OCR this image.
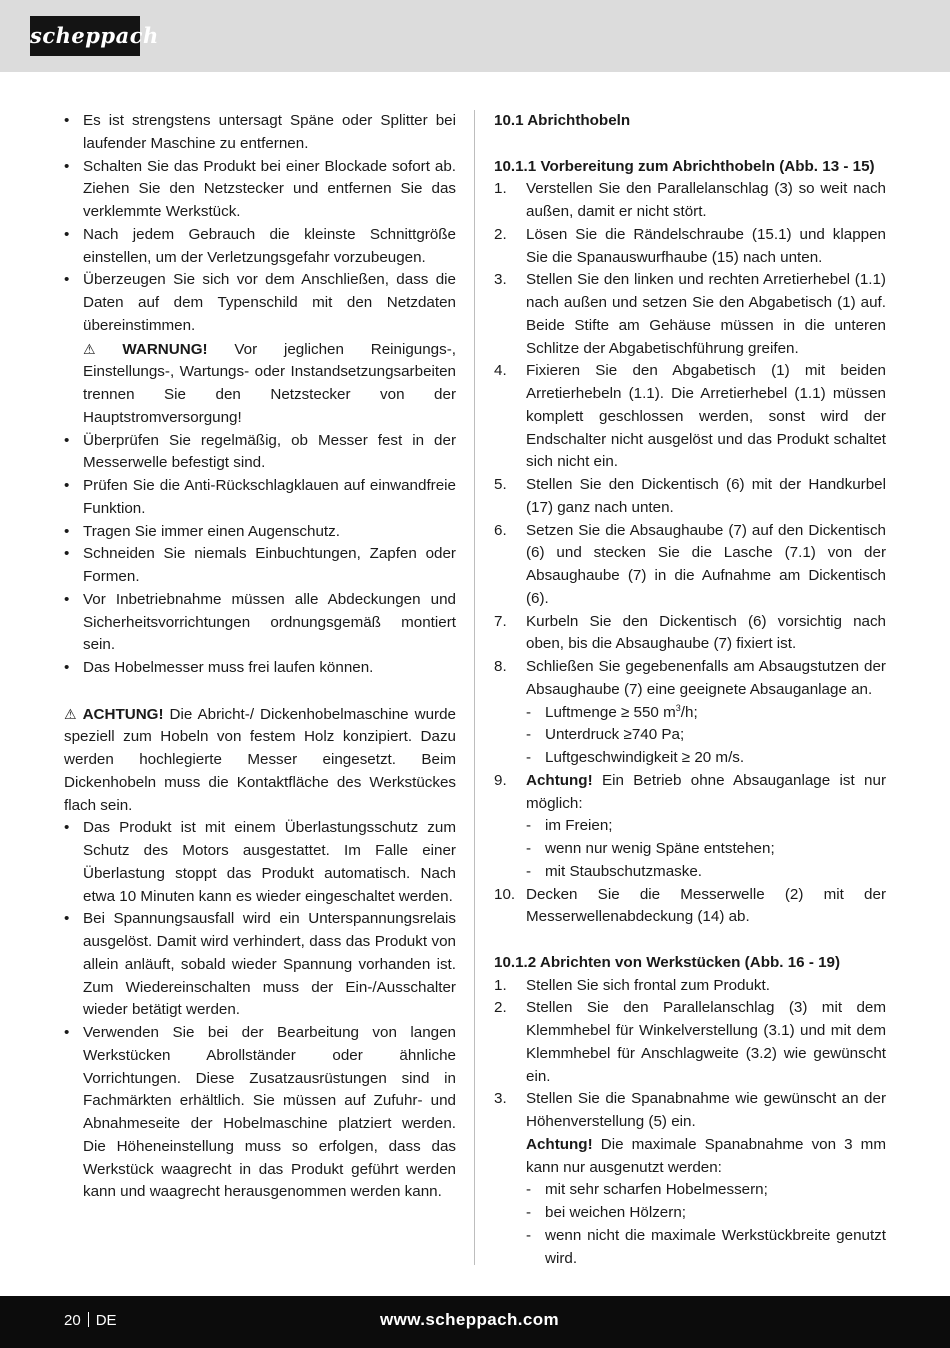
scheppach
• Es ist strengstens untersagt Späne oder Splitter bei laufender Maschine zu entfernen.
• Schalten Sie das Produkt bei einer Blockade sofort ab. Ziehen Sie den Netzstecker und entfernen Sie das verklemmte Werkstück.
• Nach jedem Gebrauch die kleinste Schnittgröße einstellen, um der Verletzungsgefahr vorzubeugen.
• Überzeugen Sie sich vor dem Anschließen, dass die Daten auf dem Typenschild mit den Netzdaten übereinstimmen.
⚠ WARNUNG! Vor jeglichen Reinigungs-, Einstellungs-, Wartungs- oder Instandsetzungsarbeiten trennen Sie den Netzstecker von der Hauptstromversorgung!
• Überprüfen Sie regelmäßig, ob Messer fest in der Messerwelle befestigt sind.
• Prüfen Sie die Anti-Rückschlagklauen auf einwandfreie Funktion.
• Tragen Sie immer einen Augenschutz.
• Schneiden Sie niemals Einbuchtungen, Zapfen oder Formen.
• Vor Inbetriebnahme müssen alle Abdeckungen und Sicherheitsvorrichtungen ordnungsgemäß montiert sein.
• Das Hobelmesser muss frei laufen können.
⚠ ACHTUNG! Die Abricht-/ Dickenhobelmaschine wurde speziell zum Hobeln von festem Holz konzipiert. Dazu werden hochlegierte Messer eingesetzt. Beim Dickenhobeln muss die Kontaktfläche des Werkstückes flach sein.
• Das Produkt ist mit einem Überlastungsschutz zum Schutz des Motors ausgestattet. Im Falle einer Überlastung stoppt das Produkt automatisch. Nach etwa 10 Minuten kann es wieder eingeschaltet werden.
• Bei Spannungsausfall wird ein Unterspannungsrelais ausgelöst. Damit wird verhindert, dass das Produkt von allein anläuft, sobald wieder Spannung vorhanden ist. Zum Wiedereinschalten muss der Ein-/Ausschalter wieder betätigt werden.
• Verwenden Sie bei der Bearbeitung von langen Werkstücken Abrollständer oder ähnliche Vorrichtungen. Diese Zusatzausrüstungen sind in Fachmärkten erhältlich. Sie müssen auf Zufuhr- und Abnahmeseite der Hobelmaschine platziert werden. Die Höheneinstellung muss so erfolgen, dass das Werkstück waagrecht in das Produkt geführt werden kann und waagrecht herausgenommen werden kann.
10.1 Abrichthobeln
10.1.1 Vorbereitung zum Abrichthobeln (Abb. 13 - 15)
1. Verstellen Sie den Parallelanschlag (3) so weit nach außen, damit er nicht stört.
2. Lösen Sie die Rändelschraube (15.1) und klappen Sie die Spanauswurfhaube (15) nach unten.
3. Stellen Sie den linken und rechten Arretierhebel (1.1) nach außen und setzen Sie den Abgabetisch (1) auf. Beide Stifte am Gehäuse müssen in die unteren Schlitze der Abgabetischführung greifen.
4. Fixieren Sie den Abgabetisch (1) mit beiden Arretierhebeln (1.1). Die Arretierhebel (1.1) müssen komplett geschlossen werden, sonst wird der Endschalter nicht ausgelöst und das Produkt schaltet sich nicht ein.
5. Stellen Sie den Dickentisch (6) mit der Handkurbel (17) ganz nach unten.
6. Setzen Sie die Absaughaube (7) auf den Dickentisch (6) und stecken Sie die Lasche (7.1) von der Absaughaube (7) in die Aufnahme am Dickentisch (6).
7. Kurbeln Sie den Dickentisch (6) vorsichtig nach oben, bis die Absaughaube (7) fixiert ist.
8. Schließen Sie gegebenenfalls am Absaugstutzen der Absaughaube (7) eine geeignete Absauganlage an.
- Luftmenge ≥ 550 $m^3/h$;
- Unterdruck ≥740 Pa;
- Luftgeschwindigkeit ≥ 20 m/s.
9. Achtung! Ein Betrieb ohne Absauganlage ist nur möglich:
- im Freien;
- wenn nur wenig Späne entstehen;
- mit Staubschutzmaske.
10. Decken Sie die Messerwelle (2) mit der Messerwellenabdeckung (14) ab.
10.1.2 Abrichten von Werkstücken (Abb. 16 - 19)
1. Stellen Sie sich frontal zum Produkt.
2. Stellen Sie den Parallelanschlag (3) mit dem Klemmhebel für Winkelverstellung (3.1) und mit dem Klemmhebel für Anschlagweite (3.2) wie gewünscht ein.
3. Stellen Sie die Spanabnahme wie gewünscht an der Höhenverstellung (5) ein.
Achtung! Die maximale Spanabnahme von 3 mm kann nur ausgenutzt werden:
- mit sehr scharfen Hobelmessern;
- bei weichen Hölzern;
- wenn nicht die maximale Werkstückbreite genutzt wird.
20 DE	www.scheppach.com
